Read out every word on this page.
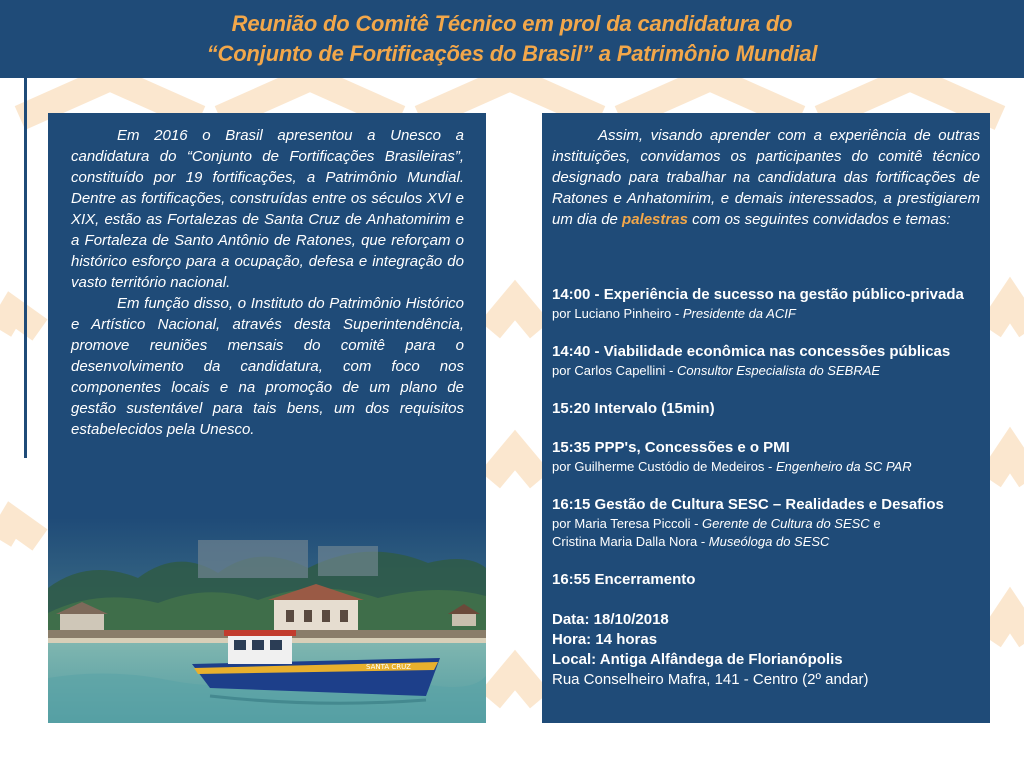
Reunião do Comitê Técnico em prol da candidatura do
“Conjunto de Fortificações do Brasil” a Patrimônio Mundial

Em 2016 o Brasil apresentou a Unesco a candidatura do “Conjunto de Fortificações Brasileiras”, constituído por 19 fortificações, a Patrimônio Mundial. Dentre as fortificações, construídas entre os séculos XVI e XIX, estão as Fortalezas de Santa Cruz de Anhatomirim e a Fortaleza de Santo Antônio de Ratones, que reforçam o histórico esforço para a ocupação, defesa e integração do vasto território nacional.

Em função disso, o Instituto do Patrimônio Histórico e Artístico Nacional, através desta Superintendência, promove reuniões mensais do comitê para o desenvolvimento da candidatura, com foco nos componentes locais e na promoção de um plano de gestão sustentável para tais bens, um dos requisitos estabelecidos pela Unesco.

SANTA CRUZ

Assim, visando aprender com a experiência de outras instituições, convidamos os participantes do comitê técnico designado para trabalhar na candidatura das fortificações de Ratones e Anhatomirim, e demais interessados, a prestigiarem um dia de palestras com os seguintes convidados e temas:

14:00 - Experiência de sucesso na gestão público-privada
por Luciano Pinheiro - Presidente da ACIF
14:40 - Viabilidade econômica nas concessões públicas
por Carlos Capellini - Consultor Especialista do SEBRAE
15:20 Intervalo (15min)
15:35 PPP's, Concessões e o PMI
por Guilherme Custódio de Medeiros - Engenheiro da SC PAR
16:15 Gestão de Cultura SESC – Realidades e Desafios
por Maria Teresa Piccoli - Gerente de Cultura do SESC e
Cristina Maria Dalla Nora - Museóloga do SESC
16:55 Encerramento
Data: 18/10/2018
Hora: 14 horas
Local: Antiga Alfândega de Florianópolis
Rua Conselheiro Mafra, 141 - Centro (2º andar)
